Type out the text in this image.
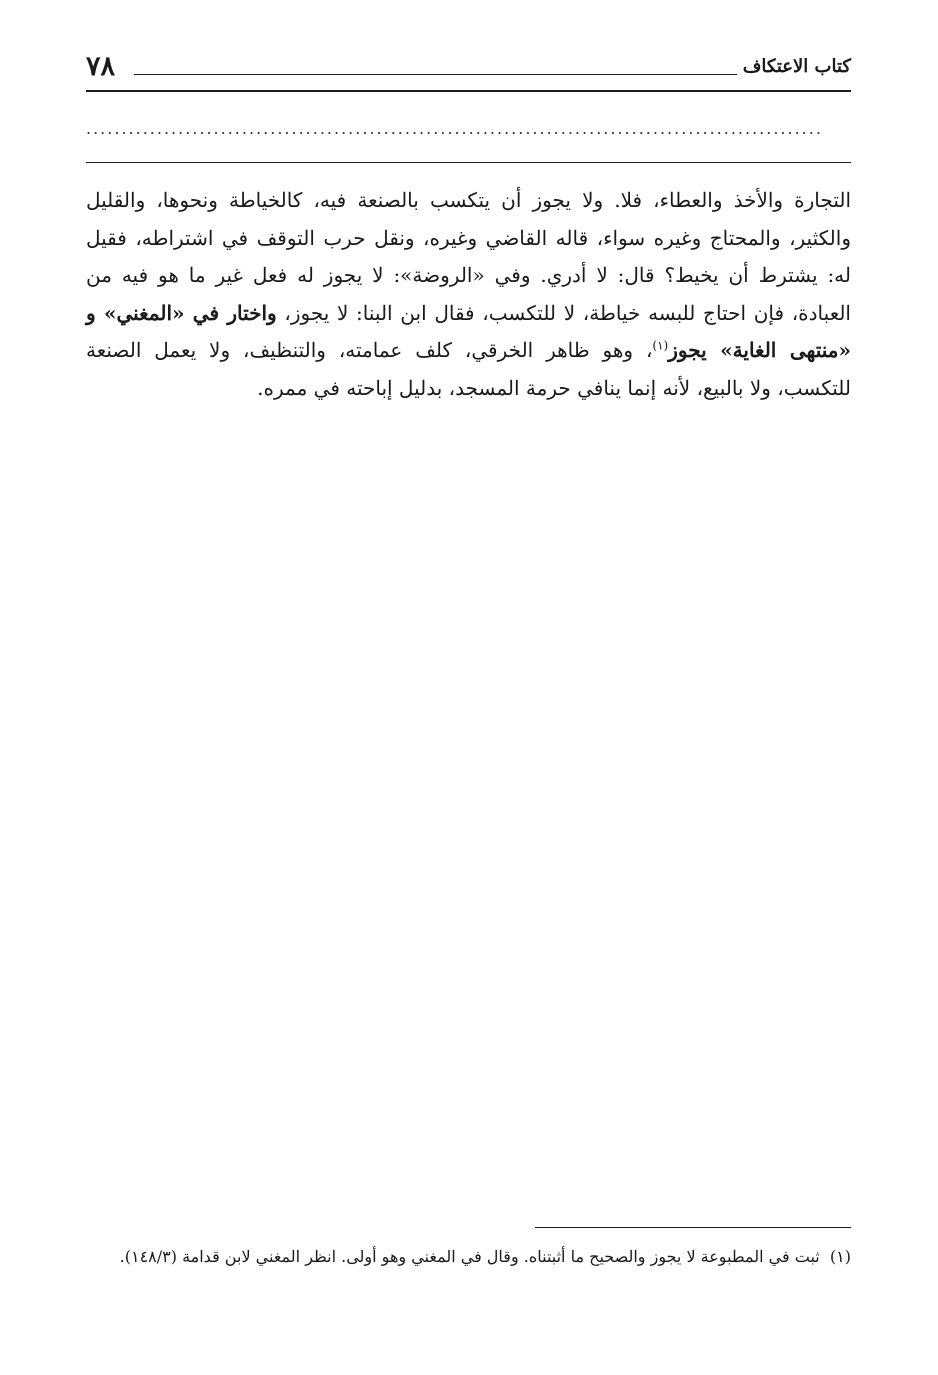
٧٨	كتاب الاعتكاف
........................................................................................................

التجارة والأخذ والعطاء، فلا. ولا يجوز أن يتكسب بالصنعة فيه، كالخياطة ونحوها، والقليل والكثير، والمحتاج وغيره سواء، قاله القاضي وغيره، ونقل حرب التوقف في اشتراطه، فقيل له: يشترط أن يخيط؟ قال: لا أدري. وفي «الروضة»: لا يجوز له فعل غير ما هو فيه من العبادة، فإن احتاج للبسه خياطة، لا للتكسب، فقال ابن البنا: لا يجوز، واختار في «المغني» و «منتهى الغاية» يجوز$^{(١)}$، وهو ظاهر الخرقي، كلف عمامته، والتنظيف، ولا يعمل الصنعة للتكسب، ولا بالبيع، لأنه إنما ينافي حرمة المسجد، بدليل إباحته في ممره.

(١)  ثبت في المطبوعة لا يجوز والصحيح ما أثبتناه. وقال في المغني وهو أولى. انظر المغني لابن قدامة (١٤٨/٣).
